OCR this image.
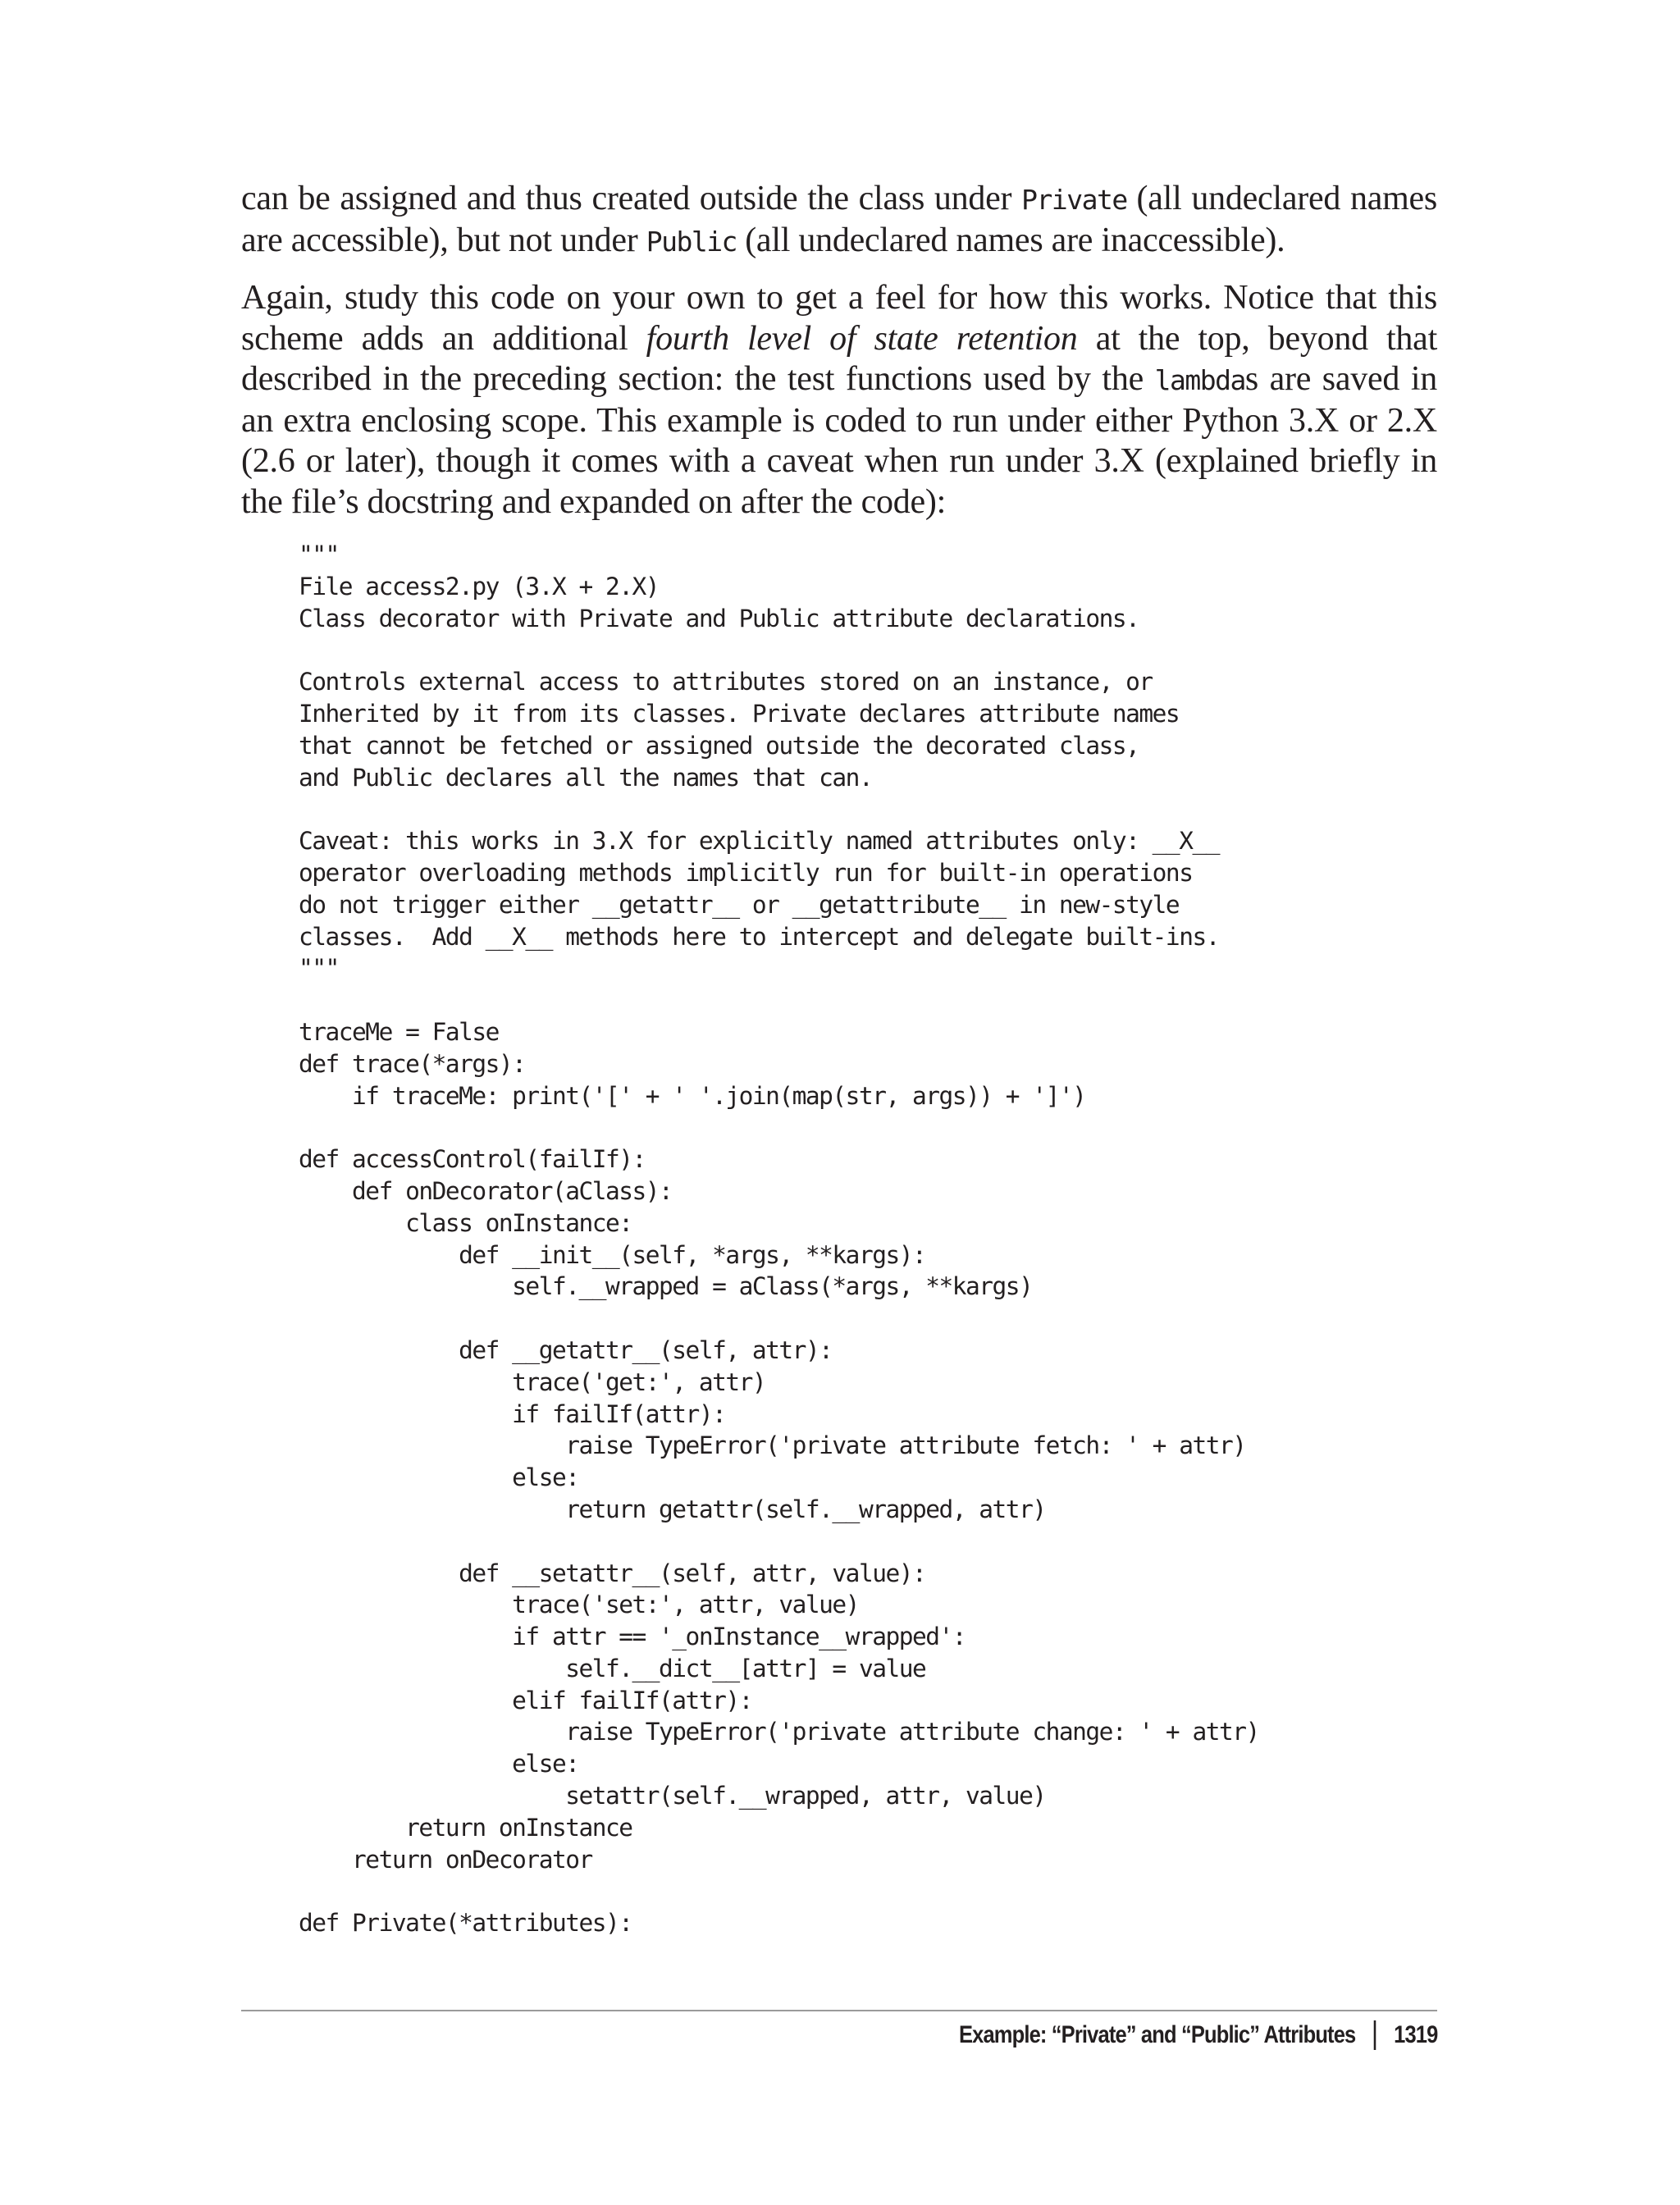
can be assigned and thus created outside the class under Private (all undeclared names are accessible), but not under Public (all undeclared names are inaccessible).

Again, study this code on your own to get a feel for how this works. Notice that this scheme adds an additional fourth level of state retention at the top, beyond that described in the preceding section: the test functions used by the lambdas are saved in an extra enclosing scope. This example is coded to run under either Python 3.X or 2.X (2.6 or later), though it comes with a caveat when run under 3.X (explained briefly in the file’s docstring and expanded on after the code):

"""
File access2.py (3.X + 2.X)
Class decorator with Private and Public attribute declarations.

Controls external access to attributes stored on an instance, or
Inherited by it from its classes. Private declares attribute names
that cannot be fetched or assigned outside the decorated class,
and Public declares all the names that can.

Caveat: this works in 3.X for explicitly named attributes only: __X__
operator overloading methods implicitly run for built-in operations
do not trigger either __getattr__ or __getattribute__ in new-style
classes.  Add __X__ methods here to intercept and delegate built-ins.
"""

traceMe = False
def trace(*args):
if traceMe: print('[' + ' '.join(map(str, args)) + ']')

def accessControl(failIf):
def onDecorator(aClass):
class onInstance:
def __init__(self, *args, **kargs):
self.__wrapped = aClass(*args, **kargs)

def __getattr__(self, attr):
trace('get:', attr)
if failIf(attr):
raise TypeError('private attribute fetch: ' + attr)
else:
return getattr(self.__wrapped, attr)

def __setattr__(self, attr, value):
trace('set:', attr, value)
if attr == '_onInstance__wrapped':
self.__dict__[attr] = value
elif failIf(attr):
raise TypeError('private attribute change: ' + attr)
else:
setattr(self.__wrapped, attr, value)
return onInstance
return onDecorator

def Private(*attributes):

Example: “Private” and “Public” Attributes 1319
